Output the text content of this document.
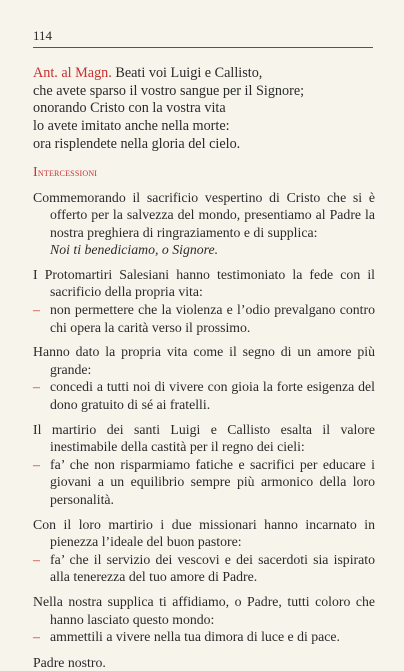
114
Ant. al Magn. Beati voi Luigi e Callisto,
che avete sparso il vostro sangue per il Signore;
onorando Cristo con la vostra vita
lo avete imitato anche nella morte:
ora risplendete nella gloria del cielo.
Intercessioni
Commemorando il sacrificio vespertino di Cristo che si è offerto per la salvezza del mondo, presentiamo al Padre la nostra preghiera di ringraziamento e di supplica:
Noi ti benediciamo, o Signore.
I Protomartiri Salesiani hanno testimoniato la fede con il sacrificio della propria vita:
– non permettere che la violenza e l’odio prevalgano contro chi opera la carità verso il prossimo.
Hanno dato la propria vita come il segno di un amore più grande:
– concedi a tutti noi di vivere con gioia la forte esigenza del dono gratuito di sé ai fratelli.
Il martirio dei santi Luigi e Callisto esalta il valore inestimabile della castità per il regno dei cieli:
– fa’ che non risparmiamo fatiche e sacrifici per educare i giovani a un equilibrio sempre più armonico della loro personalità.
Con il loro martirio i due missionari hanno incarnato in pienezza l’ideale del buon pastore:
– fa’ che il servizio dei vescovi e dei sacerdoti sia ispirato alla tenerezza del tuo amore di Padre.
Nella nostra supplica ti affidiamo, o Padre, tutti coloro che hanno lasciato questo mondo:
– ammettili a vivere nella tua dimora di luce e di pace.
Padre nostro.
